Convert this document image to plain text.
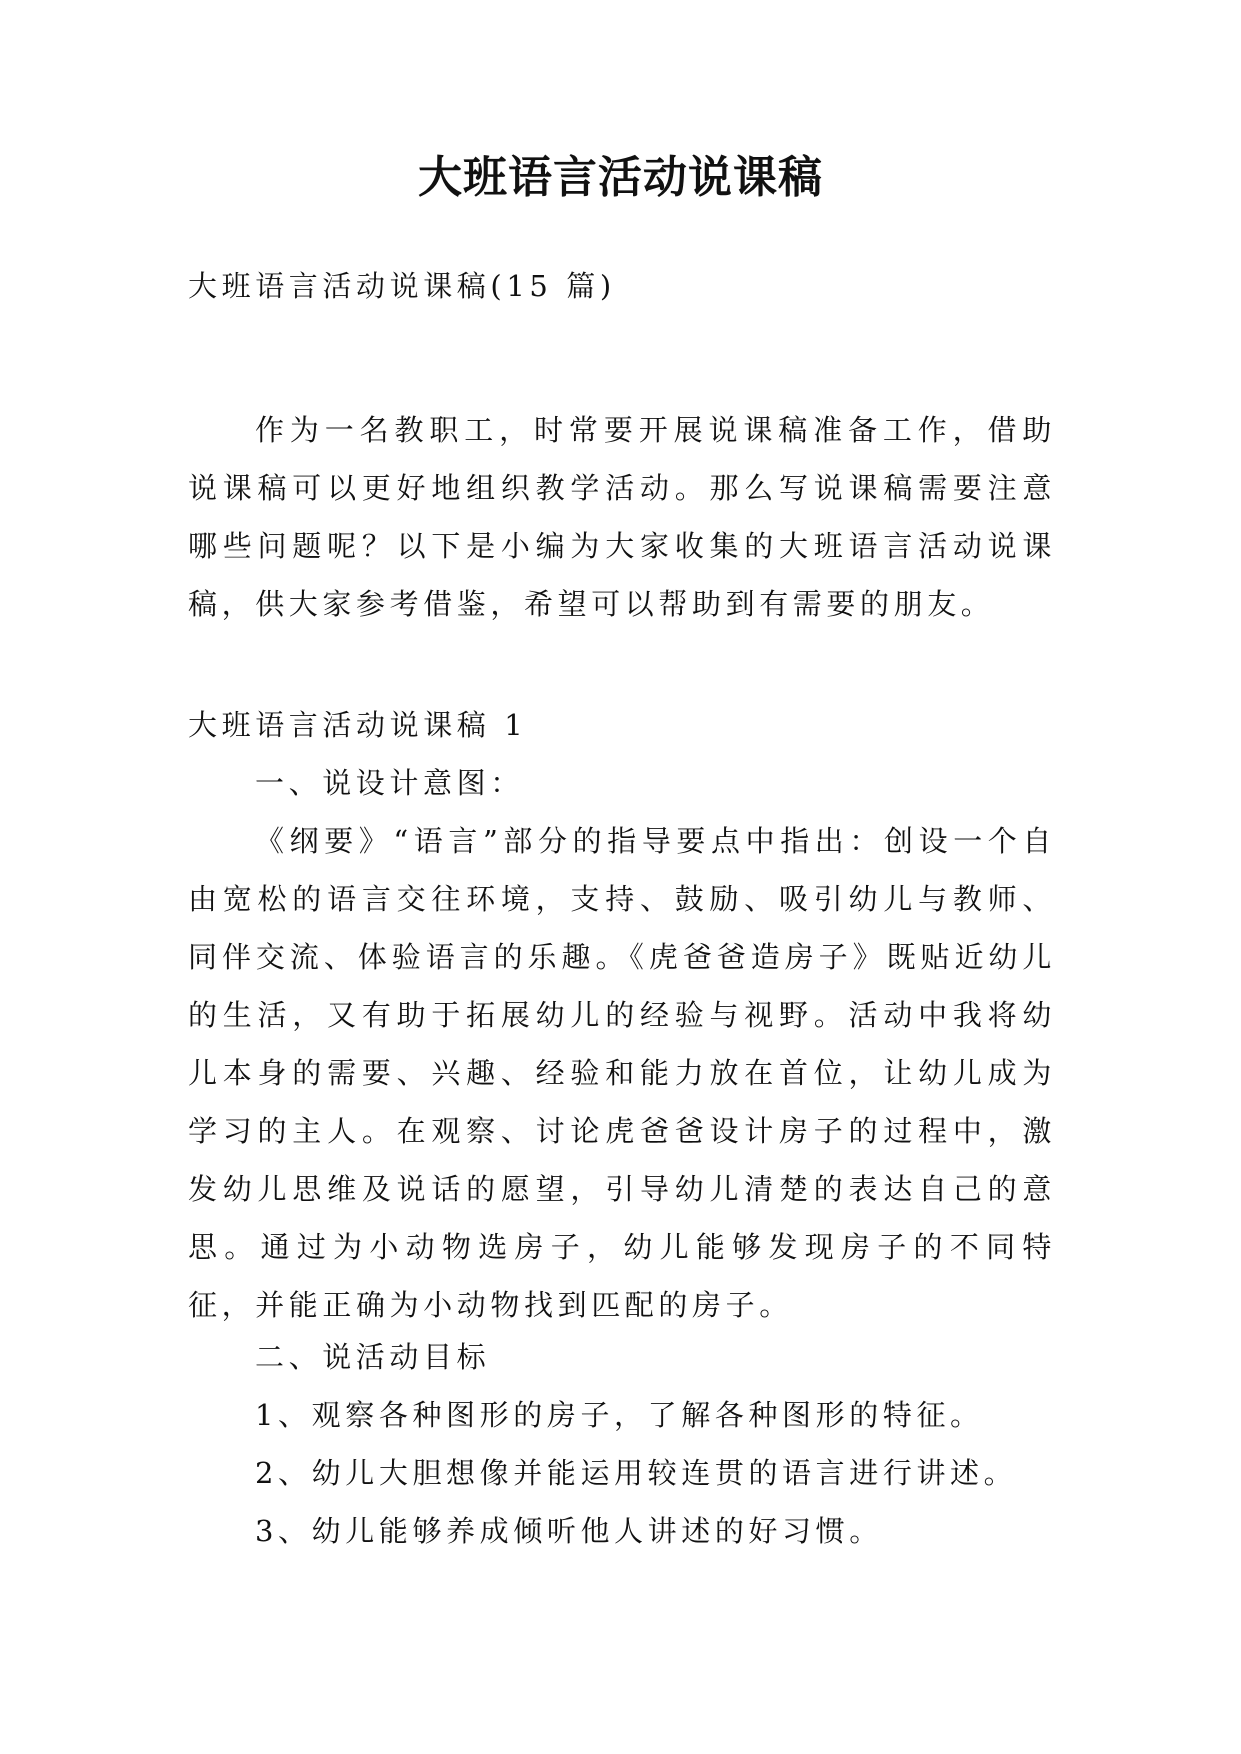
大班语言活动说课稿

大班语言活动说课稿(15 篇)

作为一名教职工，时常要开展说课稿准备工作，借助说课稿可以更好地组织教学活动。那么写说课稿需要注意哪些问题呢？以下是小编为大家收集的大班语言活动说课稿，供大家参考借鉴，希望可以帮助到有需要的朋友。

大班语言活动说课稿 1

一、说设计意图：

《纲要》“语言”部分的指导要点中指出：创设一个自由宽松的语言交往环境，支持、鼓励、吸引幼儿与教师、同伴交流、体验语言的乐趣。《虎爸爸造房子》既贴近幼儿的生活，又有助于拓展幼儿的经验与视野。活动中我将幼儿本身的需要、兴趣、经验和能力放在首位，让幼儿成为学习的主人。在观察、讨论虎爸爸设计房子的过程中，激发幼儿思维及说话的愿望，引导幼儿清楚的表达自己的意思。通过为小动物选房子，幼儿能够发现房子的不同特征，并能正确为小动物找到匹配的房子。

二、说活动目标

1、观察各种图形的房子，了解各种图形的特征。

2、幼儿大胆想像并能运用较连贯的语言进行讲述。

3、幼儿能够养成倾听他人讲述的好习惯。
